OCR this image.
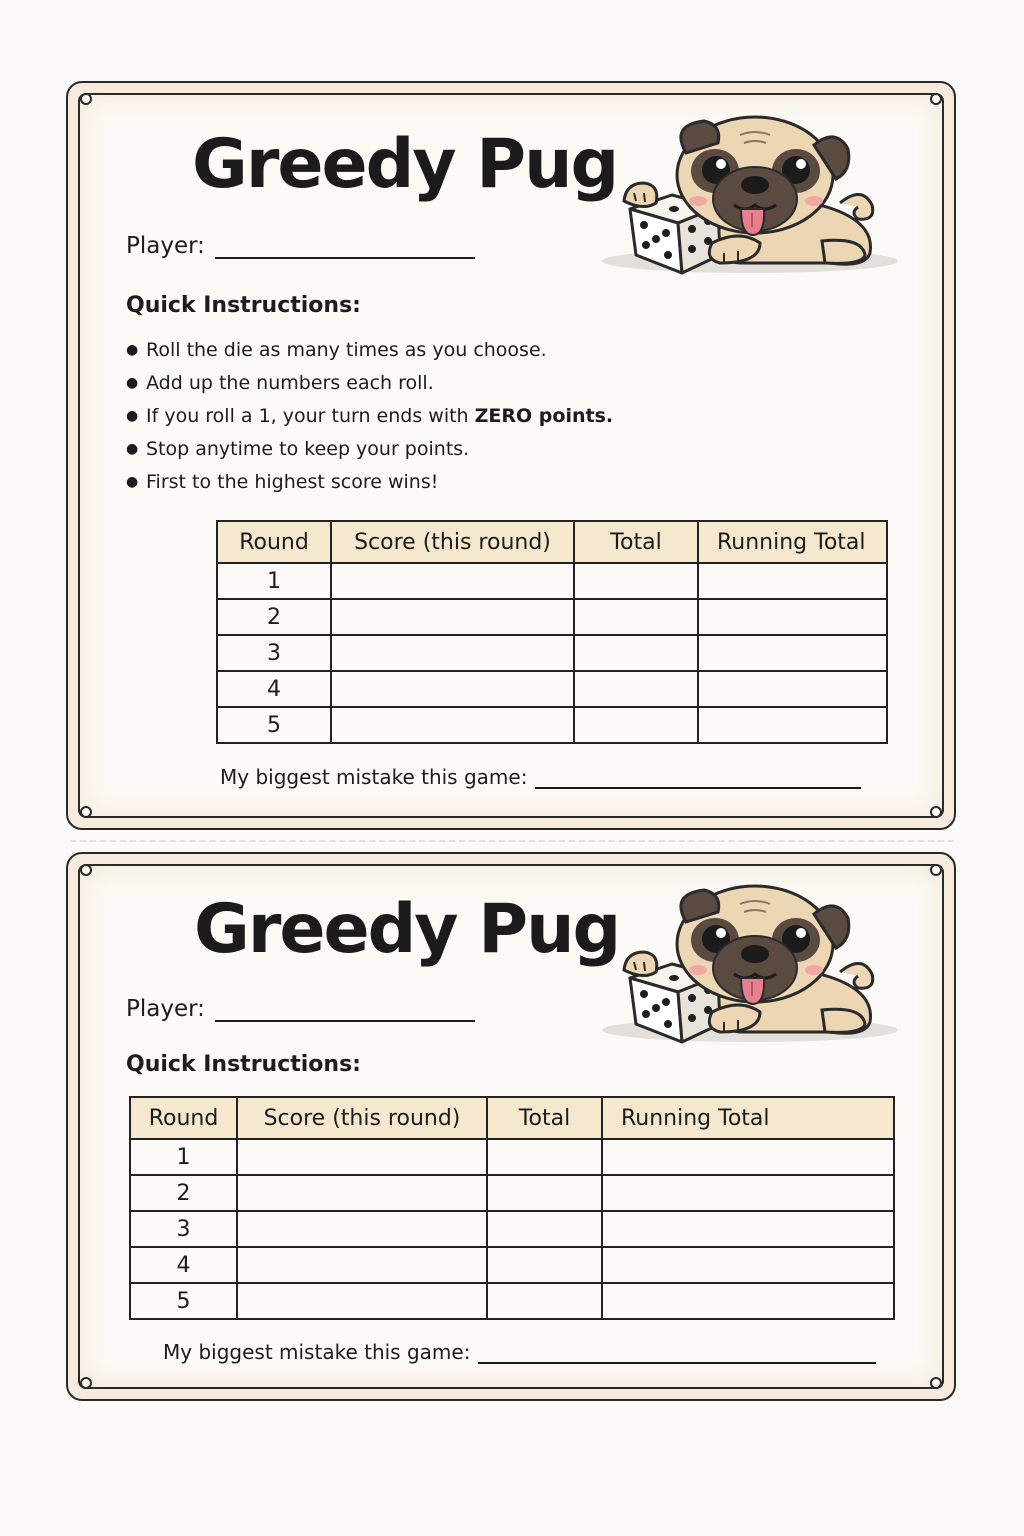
Greedy Pug
Player:
Quick Instructions:
● Roll the die as many times as you choose.
● Add up the numbers each roll.
● If you roll a 1, your turn ends with ZERO points.
● Stop anytime to keep your points.
● First to the highest score wins!
Round	Score (this round)	Total	Running Total
1			
2			
3			
4			
5			
My biggest mistake this game:
Greedy Pug
Player:
Quick Instructions:
Round	Score (this round)	Total	Running Total
1			
2			
3			
4			
5			
My biggest mistake this game:
